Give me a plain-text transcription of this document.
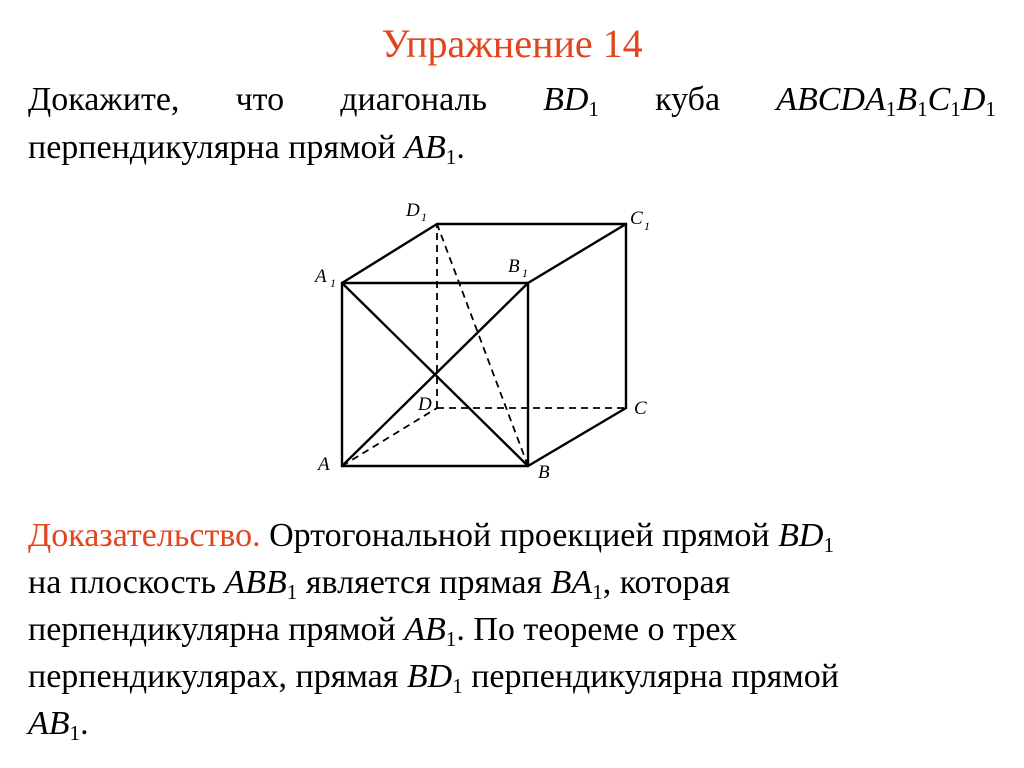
Упражнение 14
Докажите, что диагональ $BD_1$ куба $ABCDA_1B_1C_1D_1$
перпендикулярна прямой $AB_1$.
A	B
C
D
A 1
B 1
C 1
D 1
Доказательство. Ортогональной проекцией прямой $BD_1$
на плоскость $ABB_1$ является прямая $BA_1$, которая
перпендикулярна прямой $AB_1$. По теореме о трех
перпендикулярах, прямая $BD_1$ перпендикулярна прямой
$AB_1$.
